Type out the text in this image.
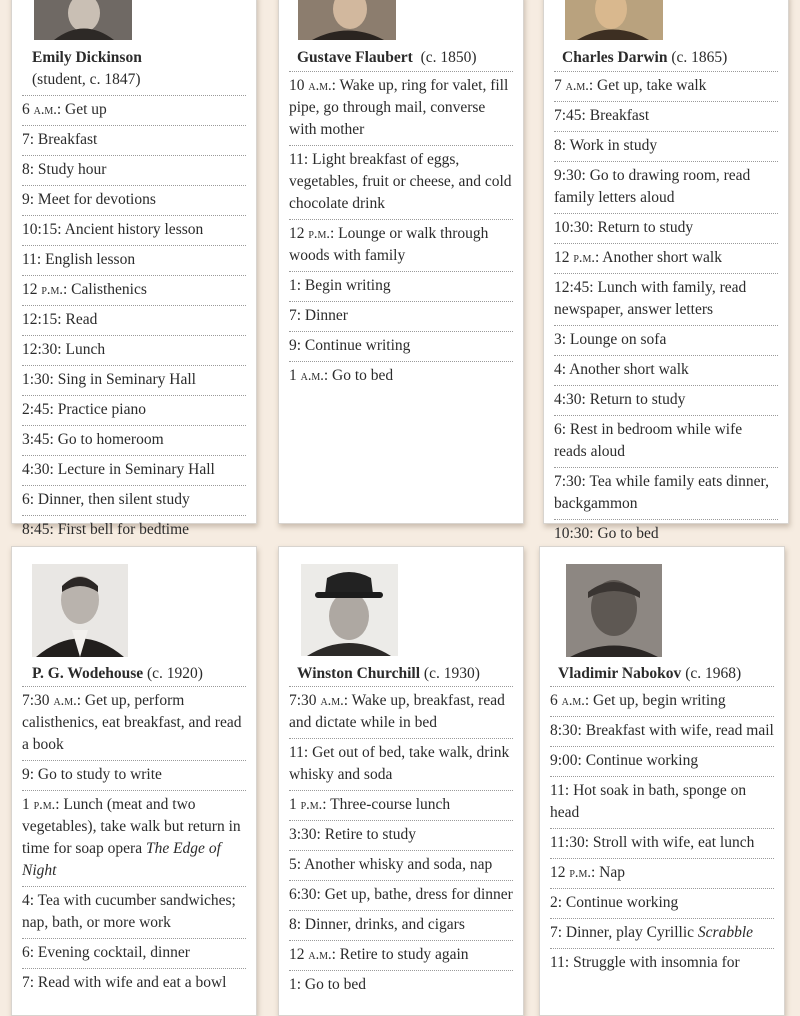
Emily Dickinson
(student, c. 1847)
6 a.m.: Get up
7: Breakfast
8: Study hour
9: Meet for devotions
10:15: Ancient history lesson
11: English lesson
12 p.m.: Calisthenics
12:15: Read
12:30: Lunch
1:30: Sing in Seminary Hall
2:45: Practice piano
3:45: Go to homeroom
4:30: Lecture in Seminary Hall
6: Dinner, then silent study
8:45: First bell for bedtime
Gustave Flaubert (c. 1850)
10 a.m.: Wake up, ring for valet, fill pipe, go through mail, converse with mother
11: Light breakfast of eggs, vegetables, fruit or cheese, and cold chocolate drink
12 p.m.: Lounge or walk through woods with family
1: Begin writing
7: Dinner
9: Continue writing
1 a.m.: Go to bed
Charles Darwin (c. 1865)
7 a.m.: Get up, take walk
7:45: Breakfast
8: Work in study
9:30: Go to drawing room, read family letters aloud
10:30: Return to study
12 p.m.: Another short walk
12:45: Lunch with family, read newspaper, answer letters
3: Lounge on sofa
4: Another short walk
4:30: Return to study
6: Rest in bedroom while wife reads aloud
7:30: Tea while family eats dinner, backgammon
10:30: Go to bed
P. G. Wodehouse (c. 1920)
7:30 a.m.: Get up, perform calisthenics, eat breakfast, and read a book
9: Go to study to write
1 p.m.: Lunch (meat and two vegetables), take walk but return in time for soap opera The Edge of Night
4: Tea with cucumber sandwiches; nap, bath, or more work
6: Evening cocktail, dinner
7: Read with wife and eat a bowl
Winston Churchill (c. 1930)
7:30 a.m.: Wake up, breakfast, read and dictate while in bed
11: Get out of bed, take walk, drink whisky and soda
1 p.m.: Three-course lunch
3:30: Retire to study
5: Another whisky and soda, nap
6:30: Get up, bathe, dress for dinner
8: Dinner, drinks, and cigars
12 a.m.: Retire to study again
1: Go to bed
Vladimir Nabokov (c. 1968)
6 a.m.: Get up, begin writing
8:30: Breakfast with wife, read mail
9:00: Continue working
11: Hot soak in bath, sponge on head
11:30: Stroll with wife, eat lunch
12 p.m.: Nap
2: Continue working
7: Dinner, play Cyrillic Scrabble
11: Struggle with insomnia for
